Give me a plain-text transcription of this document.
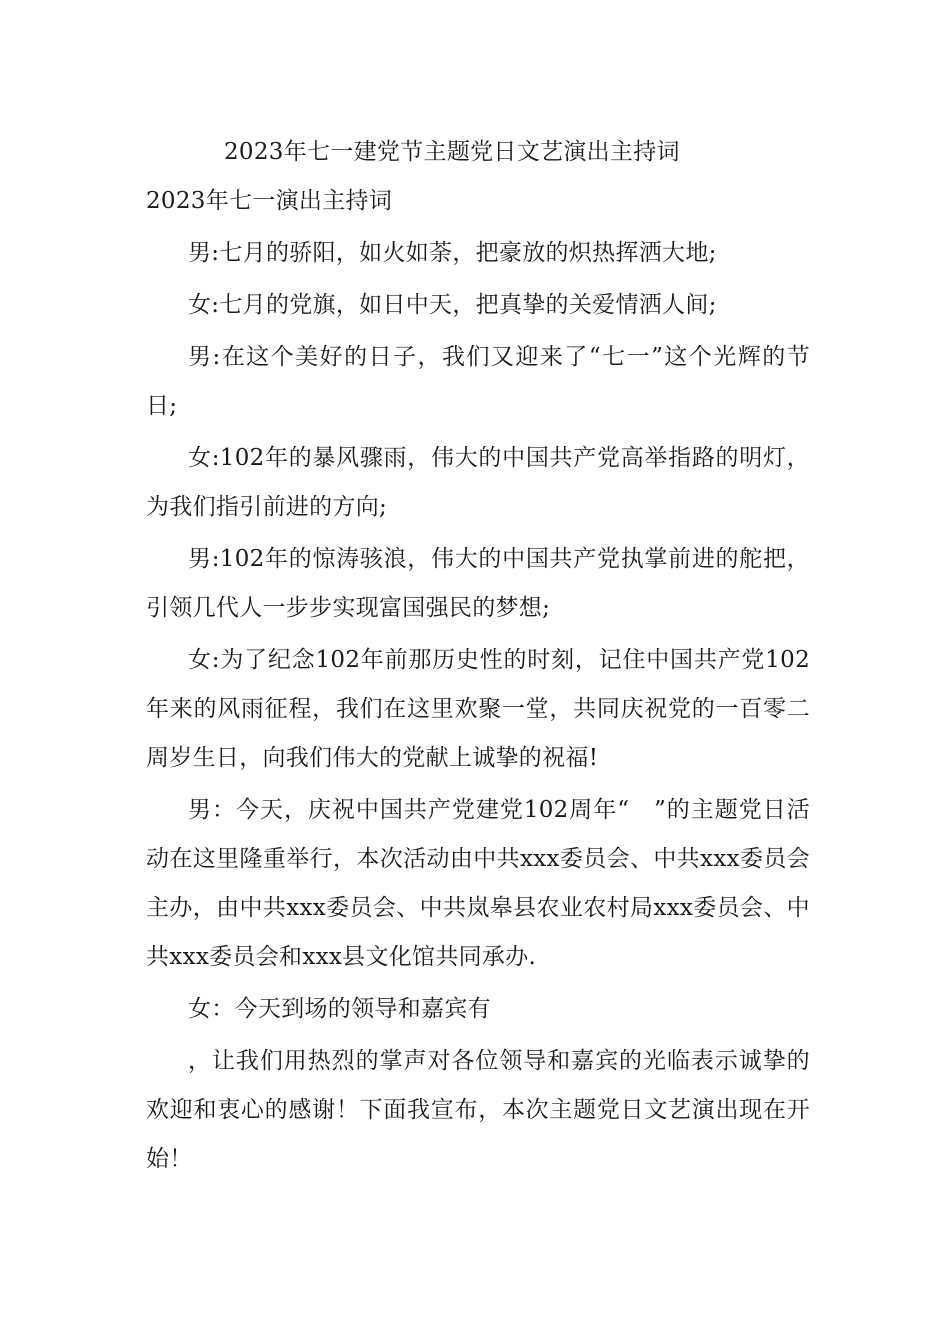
2023年七一建党节主题党日文艺演出主持词
2023年七一演出主持词

男:七月的骄阳，如火如荼，把豪放的炽热挥洒大地;

女:七月的党旗，如日中天，把真挚的关爱情洒人间;

男:在这个美好的日子，我们又迎来了“七一”这个光辉的节日;

女:102年的暴风骤雨，伟大的中国共产党高举指路的明灯，为我们指引前进的方向;

男:102年的惊涛骇浪，伟大的中国共产党执掌前进的舵把，引领几代人一步步实现富国强民的梦想;

女:为了纪念102年前那历史性的时刻，记住中国共产党102年来的风雨征程，我们在这里欢聚一堂，共同庆祝党的一百零二周岁生日，向我们伟大的党献上诚挚的祝福!

男：今天，庆祝中国共产党建党102周年“　”的主题党日活动在这里隆重举行，本次活动由中共xxx委员会、中共xxx委员会主办，由中共xxx委员会、中共岚皋县农业农村局xxx委员会、中共xxx委员会和xxx县文化馆共同承办.

女：今天到场的领导和嘉宾有

，让我们用热烈的掌声对各位领导和嘉宾的光临表示诚挚的欢迎和衷心的感谢！下面我宣布，本次主题党日文艺演出现在开始！
